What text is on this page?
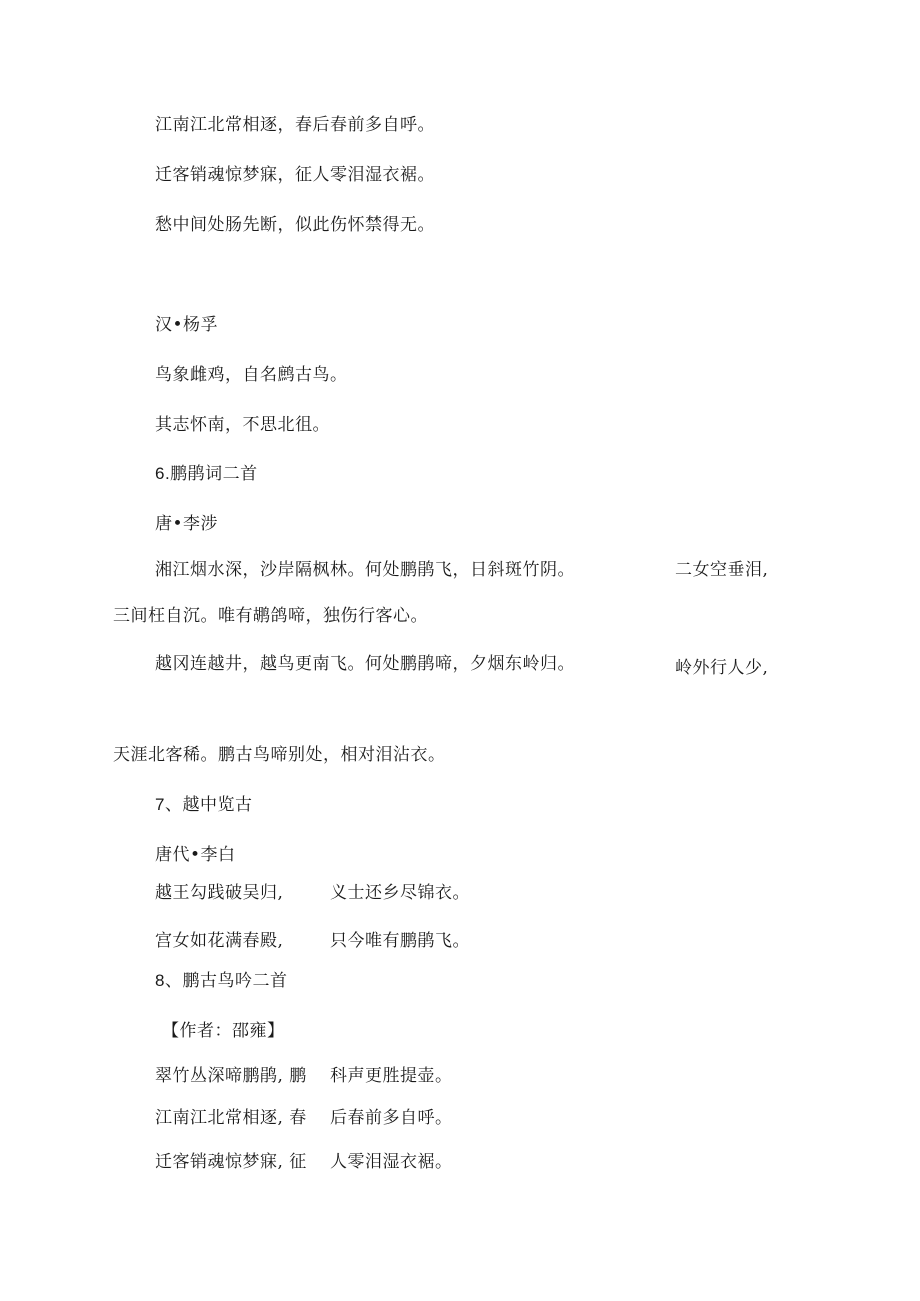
江南江北常相逐，春后春前多自呼。

迁客销魂惊梦寐，征人零泪湿衣裾。

愁中间处肠先断，似此伤怀禁得无。

汉•杨孚

鸟象雌鸡，自名鹧古鸟。

其志怀南，不思北徂。

6.鹏鹃词二首

唐•李涉

湘江烟水深，沙岸隔枫林。何处鹏鹃飞，日斜斑竹阴。	二女空垂泪,

三间枉自沉。唯有鹕鸽啼，独伤行客心。

越冈连越井，越鸟更南飞。何处鹏鹃啼，夕烟东岭归。	岭外行人少,

天涯北客稀。鹏古鸟啼别处，相对泪沾衣。

7、越中览古

唐代•李白

越王勾践破吴归,	义士还乡尽锦衣。

宫女如花满春殿,	只今唯有鹏鹃飞。

8、鹏古鸟吟二首

【作者：邵雍】

翠竹丛深啼鹏鹃, 鹏 科声更胜提壶。

江南江北常相逐, 春 后春前多自呼。

迁客销魂惊梦寐, 征 人零泪湿衣裾。
